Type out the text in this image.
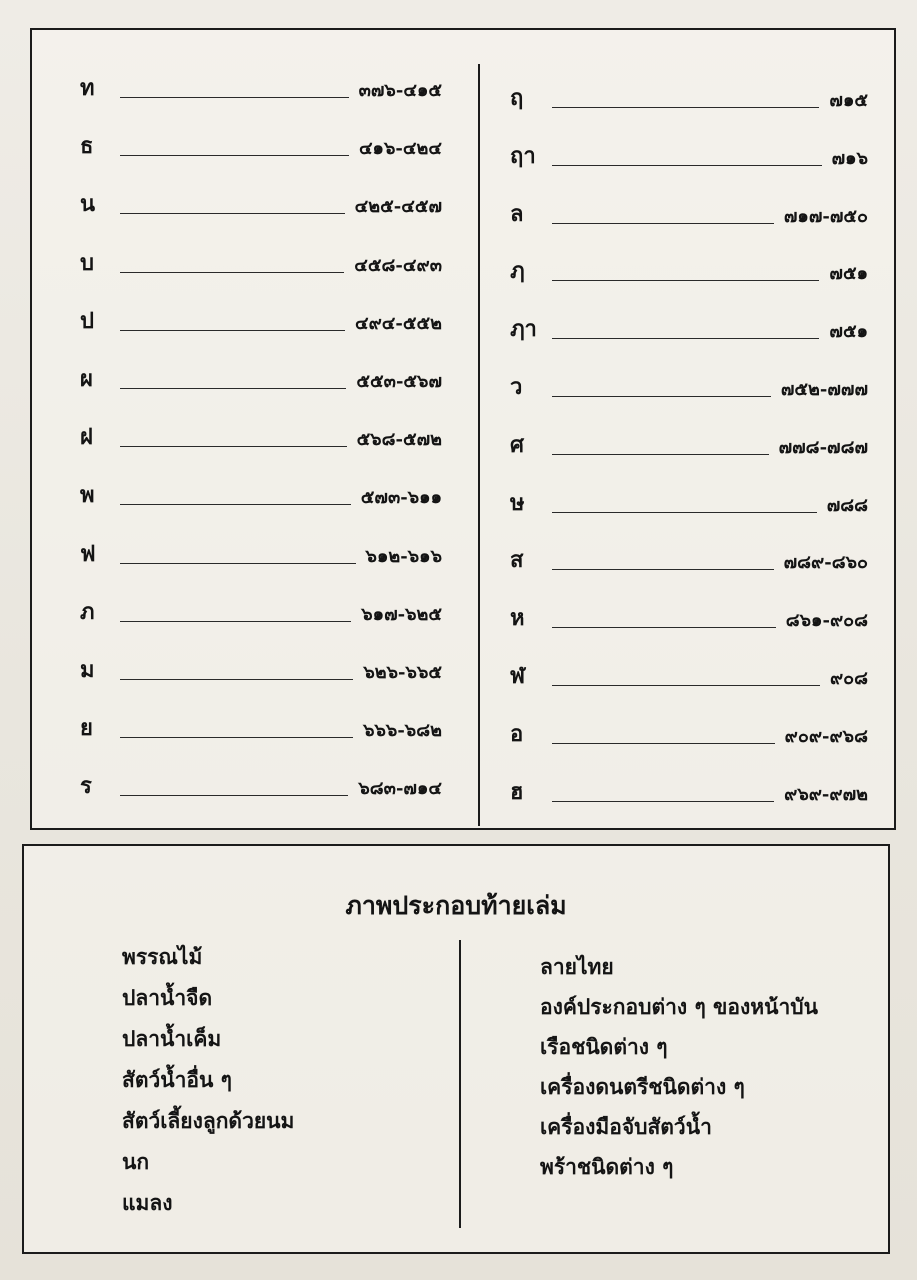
ท	๓๗๖-๔๑๕
ธ	๔๑๖-๔๒๔
น	๔๒๕-๔๕๗
บ	๔๕๘-๔๙๓
ป	๔๙๔-๕๕๒
ผ	๕๕๓-๕๖๗
ฝ	๕๖๘-๕๗๒
พ	๕๗๓-๖๑๑
ฟ	๖๑๒-๖๑๖
ภ	๖๑๗-๖๒๕
ม	๖๒๖-๖๖๕
ย	๖๖๖-๖๘๒
ร	๖๘๓-๗๑๔
ฤ	๗๑๕
ฤา	๗๑๖
ล	๗๑๗-๗๕๐
ฦ	๗๕๑
ฦา	๗๕๑
ว	๗๕๒-๗๗๗
ศ	๗๗๘-๗๘๗
ษ	๗๘๘
ส	๗๘๙-๘๖๐
ห	๘๖๑-๙๐๘
ฬ	๙๐๘
อ	๙๐๙-๙๖๘
ฮ	๙๖๙-๙๗๒
ภาพประกอบท้ายเล่ม
พรรณไม้
ปลาน้ำจืด
ปลาน้ำเค็ม
สัตว์น้ำอื่น ๆ
สัตว์เลี้ยงลูกด้วยนม
นก
แมลง
ลายไทย
องค์ประกอบต่าง ๆ ของหน้าบัน
เรือชนิดต่าง ๆ
เครื่องดนตรีชนิดต่าง ๆ
เครื่องมือจับสัตว์น้ำ
พร้าชนิดต่าง ๆ
